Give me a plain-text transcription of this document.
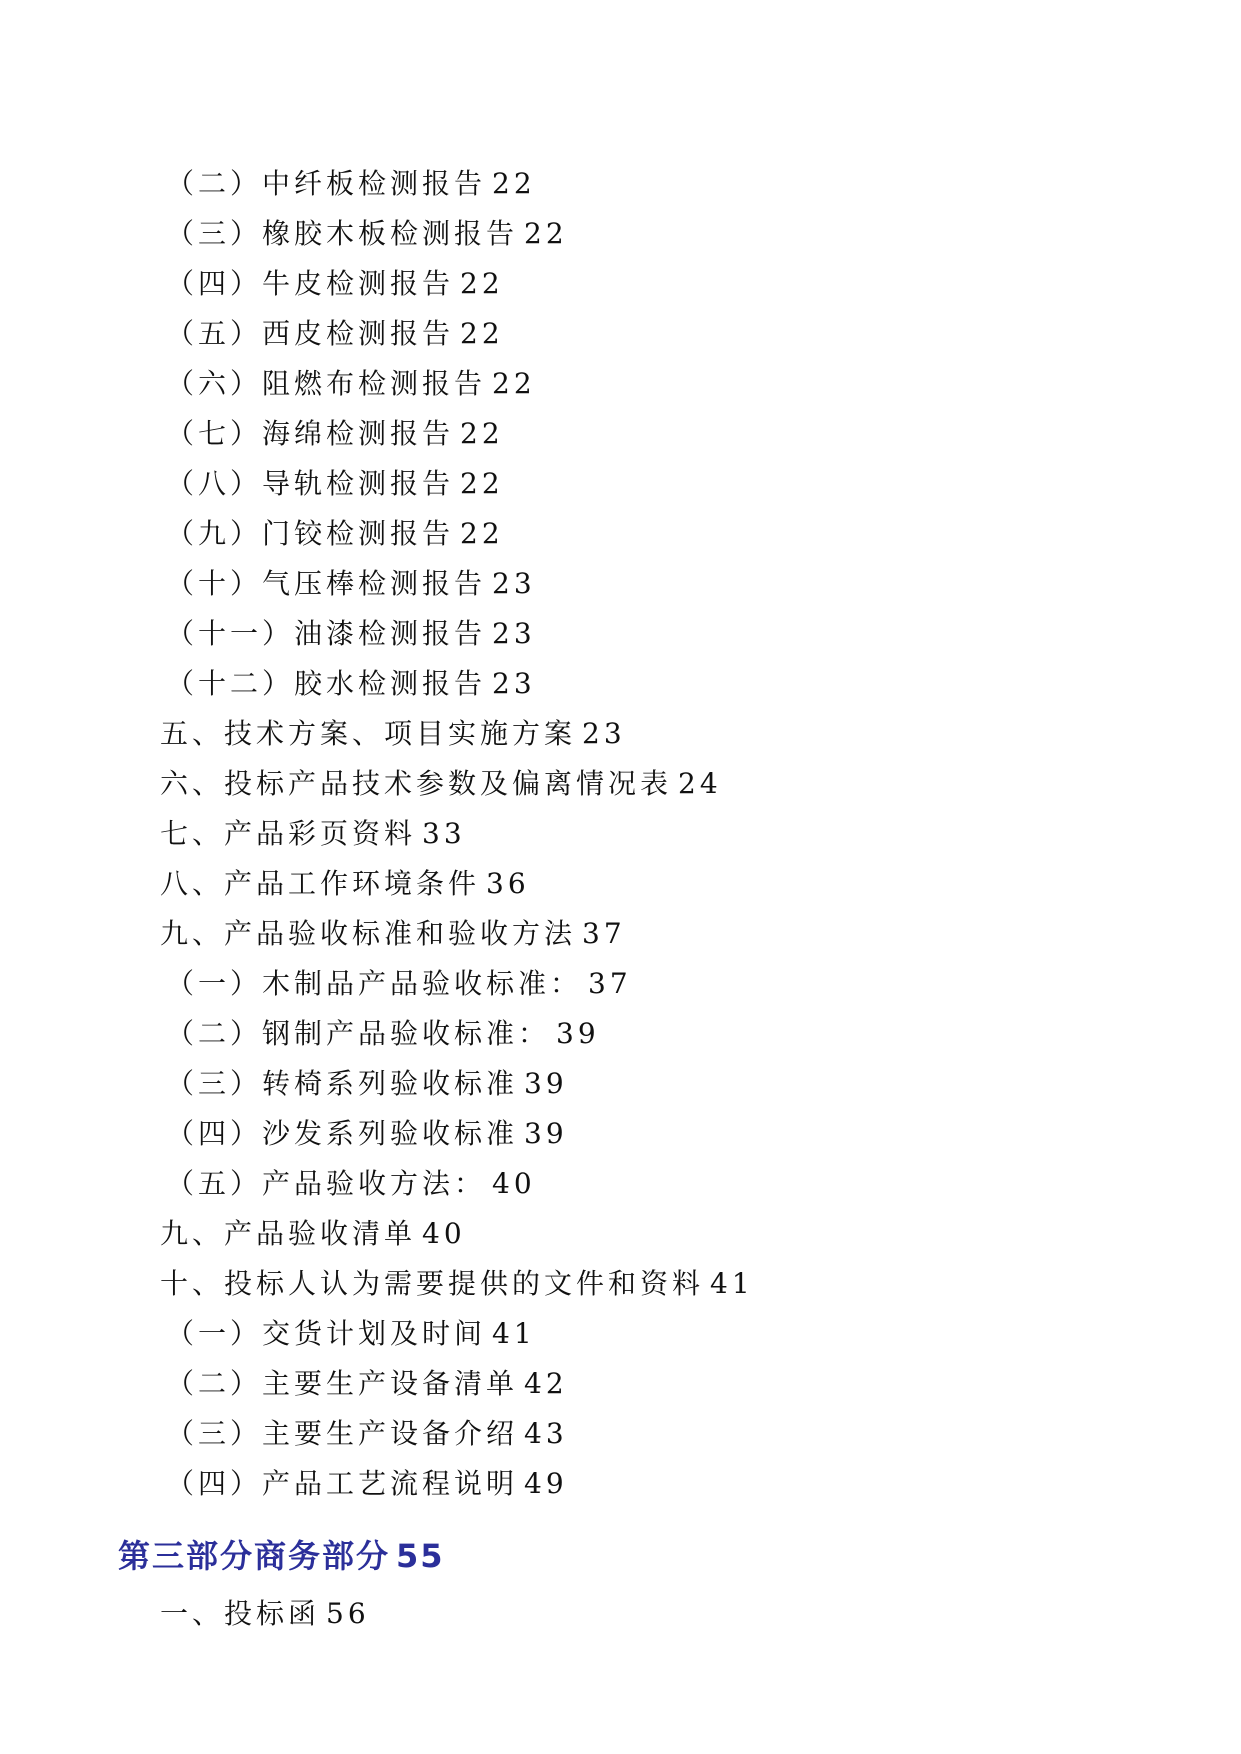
（二）中纤板检测报告 22
（三）橡胶木板检测报告 22
（四）牛皮检测报告 22
（五）西皮检测报告 22
（六）阻燃布检测报告 22
（七）海绵检测报告 22
（八）导轨检测报告 22
（九）门铰检测报告 22
（十）气压棒检测报告 23
（十一）油漆检测报告 23
（十二）胶水检测报告 23
五、技术方案、项目实施方案 23
六、投标产品技术参数及偏离情况表 24
七、产品彩页资料 33
八、产品工作环境条件 36
九、产品验收标准和验收方法 37
（一）木制品产品验收标准： 37
（二）钢制产品验收标准： 39
（三）转椅系列验收标准 39
（四）沙发系列验收标准 39
（五）产品验收方法： 40
九、产品验收清单 40
十、投标人认为需要提供的文件和资料 41
（一）交货计划及时间 41
（二）主要生产设备清单 42
（三）主要生产设备介绍 43
（四）产品工艺流程说明 49
第三部分商务部分 55
一、投标函 56
